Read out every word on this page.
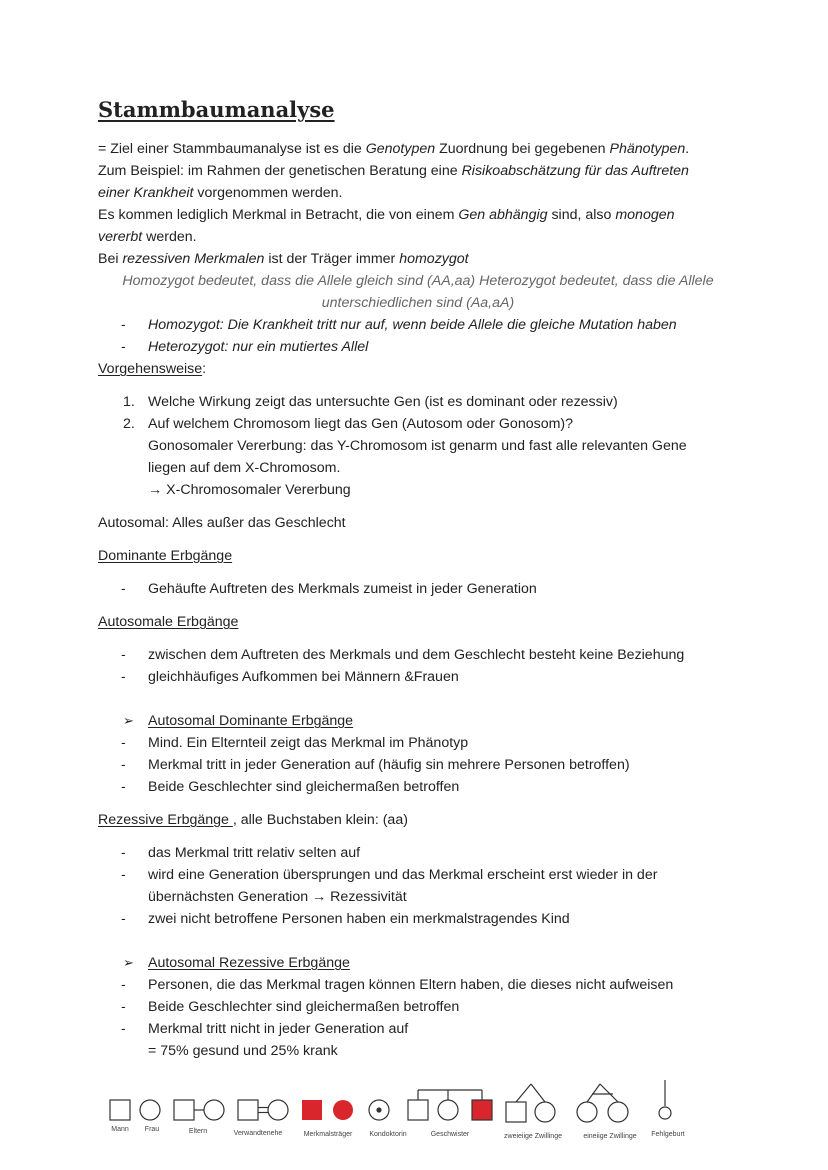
Stammbaumanalyse
= Ziel einer Stammbaumanalyse ist es die Genotypen Zuordnung bei gegebenen Phänotypen.
Zum Beispiel: im Rahmen der genetischen Beratung eine Risikoabschätzung für das Auftreten
einer Krankheit vorgenommen werden.
Es kommen lediglich Merkmal in Betracht, die von einem Gen abhängig sind, also monogen
vererbt werden.
Bei rezessiven Merkmalen ist der Träger immer homozygot
Homozygot bedeutet, dass die Allele gleich sind (AA,aa) Heterozygot bedeutet, dass die Allele
unterschiedlichen sind (Aa,aA)
- Homozygot: Die Krankheit tritt nur auf, wenn beide Allele die gleiche Mutation haben
- Heterozygot: nur ein mutiertes Allel
Vorgehensweise:
1. Welche Wirkung zeigt das untersuchte Gen (ist es dominant oder rezessiv)
2. Auf welchem Chromosom liegt das Gen (Autosom oder Gonosom)?
Gonosomaler Vererbung: das Y-Chromosom ist genarm und fast alle relevanten Gene
liegen auf dem X-Chromosom.
→ X-Chromosomaler Vererbung
Autosomal: Alles außer das Geschlecht
Dominante Erbgänge
- Gehäufte Auftreten des Merkmals zumeist in jeder Generation
Autosomale Erbgänge
- zwischen dem Auftreten des Merkmals und dem Geschlecht besteht keine Beziehung
- gleichhäufiges Aufkommen bei Männern &Frauen
➢ Autosomal Dominante Erbgänge
- Mind. Ein Elternteil zeigt das Merkmal im Phänotyp
- Merkmal tritt in jeder Generation auf (häufig sin mehrere Personen betroffen)
- Beide Geschlechter sind gleichermaßen betroffen
Rezessive Erbgänge , alle Buchstaben klein: (aa)
- das Merkmal tritt relativ selten auf
- wird eine Generation übersprungen und das Merkmal erscheint erst wieder in der
übernächsten Generation → Rezessivität
- zwei nicht betroffene Personen haben ein merkmalstragendes Kind
➢ Autosomal Rezessive Erbgänge
- Personen, die das Merkmal tragen können Eltern haben, die dieses nicht aufweisen
- Beide Geschlechter sind gleichermaßen betroffen
- Merkmal tritt nicht in jeder Generation auf
= 75% gesund und 25% krank
Mann Frau	Eltern	Verwandtenehe	Merkmalsträger Kondoktorin	Geschwister	zweieiige Zwillinge	eineiige Zwillinge Fehlgeburt
